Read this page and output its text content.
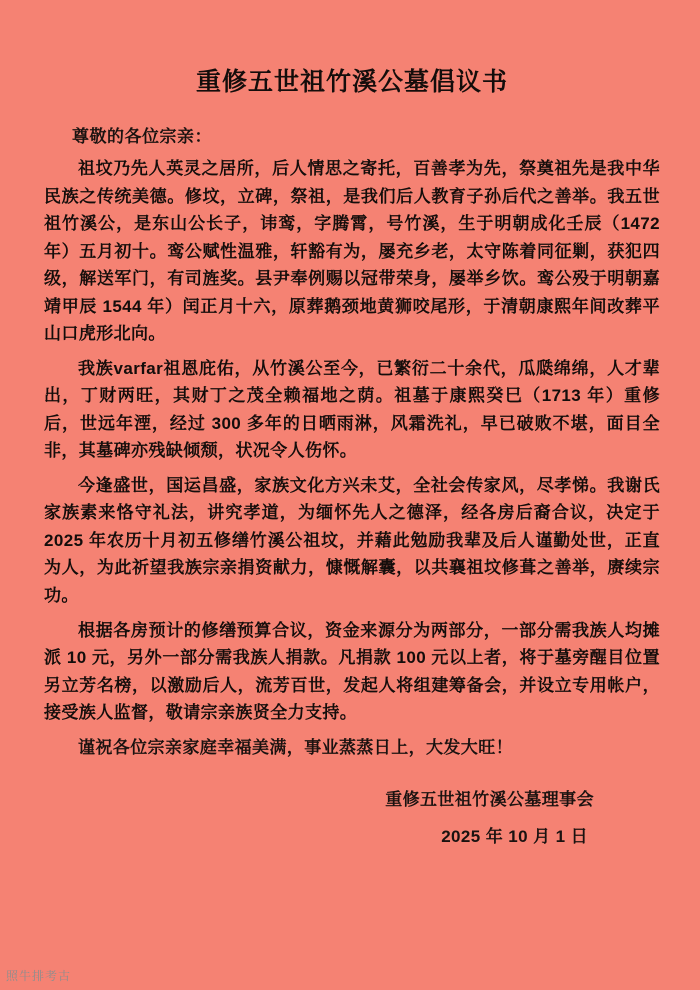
重修五世祖竹溪公墓倡议书

尊敬的各位宗亲：

祖坟乃先人英灵之居所，后人情思之寄托，百善孝为先，祭奠祖先是我中华民族之传统美德。修坟，立碑，祭祖，是我们后人教育子孙后代之善举。我五世祖竹溪公，是东山公长子，讳鸾，字腾霄，号竹溪，生于明朝成化壬辰（1472 年）五月初十。鸾公赋性温雅，轩豁有为，屡充乡老，太守陈着同征剿，获犯四级，解送军门，有司旌奖。县尹奉例赐以冠带荣身，屡举乡饮。鸾公殁于明朝嘉靖甲辰 1544 年）闰正月十六，原葬鹅颈地黄狮咬尾形，于清朝康熙年间改葬平山口虎形北向。

我族varfar祖恩庇佑，从竹溪公至今，已繁衍二十余代，瓜瓞绵绵，人才辈出，丁财两旺，其财丁之茂全赖福地之荫。祖墓于康熙癸巳（1713 年）重修后，世远年湮，经过 300 多年的日晒雨淋，风霜洗礼，早已破败不堪，面目全非，其墓碑亦残缺倾颓，状况令人伤怀。

今逢盛世，国运昌盛，家族文化方兴未艾，全社会传家风，尽孝悌。我谢氏家族素来恪守礼法，讲究孝道，为缅怀先人之德泽，经各房后裔合议，决定于 2025 年农历十月初五修缮竹溪公祖坟，并藉此勉励我辈及后人谨勤处世，正直为人，为此祈望我族宗亲捐资献力，慷慨解囊，以共襄祖坟修葺之善举，赓续宗功。

根据各房预计的修缮预算合议，资金来源分为两部分，一部分需我族人均摊派 10 元，另外一部分需我族人捐款。凡捐款 100 元以上者，将于墓旁醒目位置另立芳名榜，以激励后人，流芳百世，发起人将组建筹备会，并设立专用帐户，接受族人监督，敬请宗亲族贤全力支持。

谨祝各位宗亲家庭幸福美满，事业蒸蒸日上，大发大旺！

重修五世祖竹溪公墓理事会
2025 年 10 月 1 日
照牛排考古
